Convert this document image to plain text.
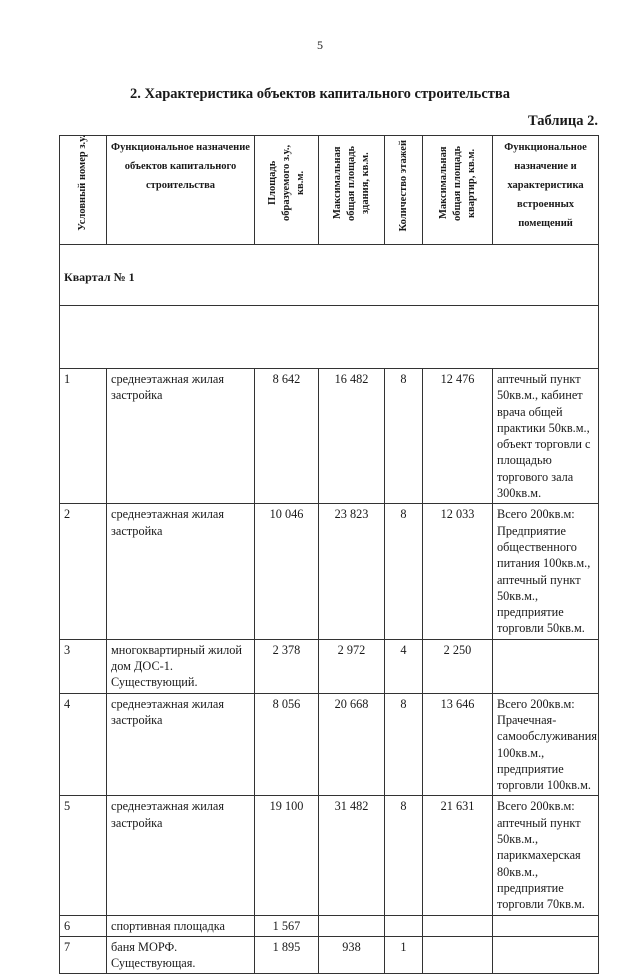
5
2. Характеристика объектов капитального строительства
Таблица 2.
Условный номер з.у.	Функциональное назначение объектов капитального строительства	Площадь образуемого з.у., кв.м.	Максимальная общая площадь здания, кв.м.	Количество этажей	Максимальная общая площадь квартир, кв.м.	Функциональное назначение и характеристика встроенных помещений
Квартал № 1						

1	среднеэтажная жилая застройка	8 642	16 482	8	12 476	аптечный пункт 50кв.м., кабинет врача общей практики 50кв.м., объект торговли с площадью торгового зала 300кв.м.
2	среднеэтажная жилая застройка	10 046	23 823	8	12 033	Всего 200кв.м: Предприятие общественного питания 100кв.м., аптечный пункт 50кв.м., предприятие торговли 50кв.м.
3	многоквартирный жилой дом ДОС-1. Существующий.	2 378	2 972	4	2 250	
4	среднеэтажная жилая застройка	8 056	20 668	8	13 646	Всего 200кв.м: Прачечная-самообслуживания 100кв.м., предприятие торговли 100кв.м.
5	среднеэтажная жилая застройка	19 100	31 482	8	21 631	Всего 200кв.м: аптечный пункт 50кв.м., парикмахерская 80кв.м., предприятие торговли 70кв.м.
6	спортивная площадка	1 567				
7	баня МОРФ. Существующая.	1 895	938	1		
